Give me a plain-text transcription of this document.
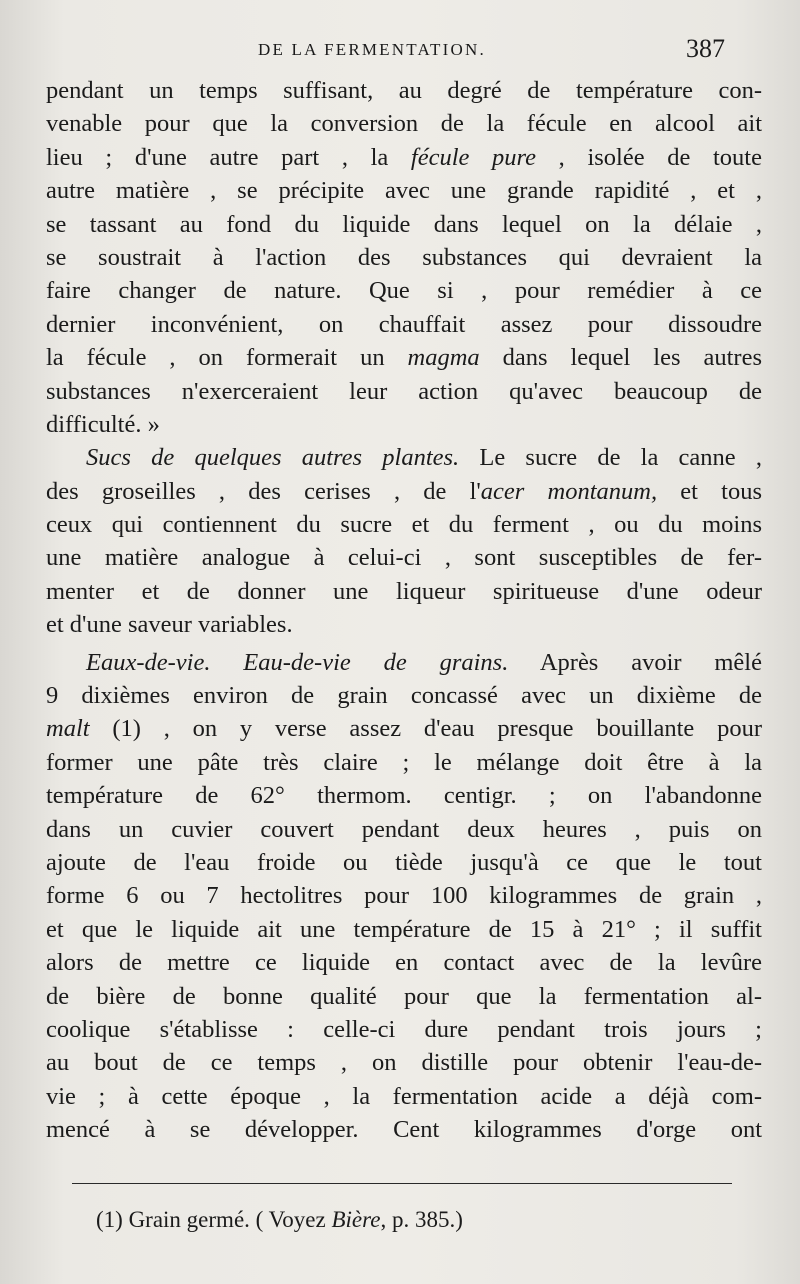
DE LA FERMENTATION.	387
pendant un temps suffisant, au degré de température con-
venable pour que la conversion de la fécule en alcool ait
lieu ; d'une autre part , la fécule pure , isolée de toute
autre matière , se précipite avec une grande rapidité , et ,
se tassant au fond du liquide dans lequel on la délaie ,
se soustrait à l'action des substances qui devraient la
faire changer de nature. Que si , pour remédier à ce
dernier inconvénient, on chauffait assez pour dissoudre
la fécule , on formerait un magma dans lequel les autres
substances n'exerceraient leur action qu'avec beaucoup de
difficulté. »
Sucs de quelques autres plantes. Le sucre de la canne ,
des groseilles , des cerises , de l'acer montanum, et tous
ceux qui contiennent du sucre et du ferment , ou du moins
une matière analogue à celui-ci , sont susceptibles de fer-
menter et de donner une liqueur spiritueuse d'une odeur
et d'une saveur variables.
Eaux-de-vie. Eau-de-vie de grains. Après avoir mêlé
9 dixièmes environ de grain concassé avec un dixième de
malt (1) , on y verse assez d'eau presque bouillante pour
former une pâte très claire ; le mélange doit être à la
température de 62° thermom. centigr. ; on l'abandonne
dans un cuvier couvert pendant deux heures , puis on
ajoute de l'eau froide ou tiède jusqu'à ce que le tout
forme 6 ou 7 hectolitres pour 100 kilogrammes de grain ,
et que le liquide ait une température de 15 à 21° ; il suffit
alors de mettre ce liquide en contact avec de la levûre
de bière de bonne qualité pour que la fermentation al-
coolique s'établisse : celle-ci dure pendant trois jours ;
au bout de ce temps , on distille pour obtenir l'eau-de-
vie ; à cette époque , la fermentation acide a déjà com-
mencé à se développer. Cent kilogrammes d'orge ont
(1) Grain germé. ( Voyez Bière, p. 385.)
